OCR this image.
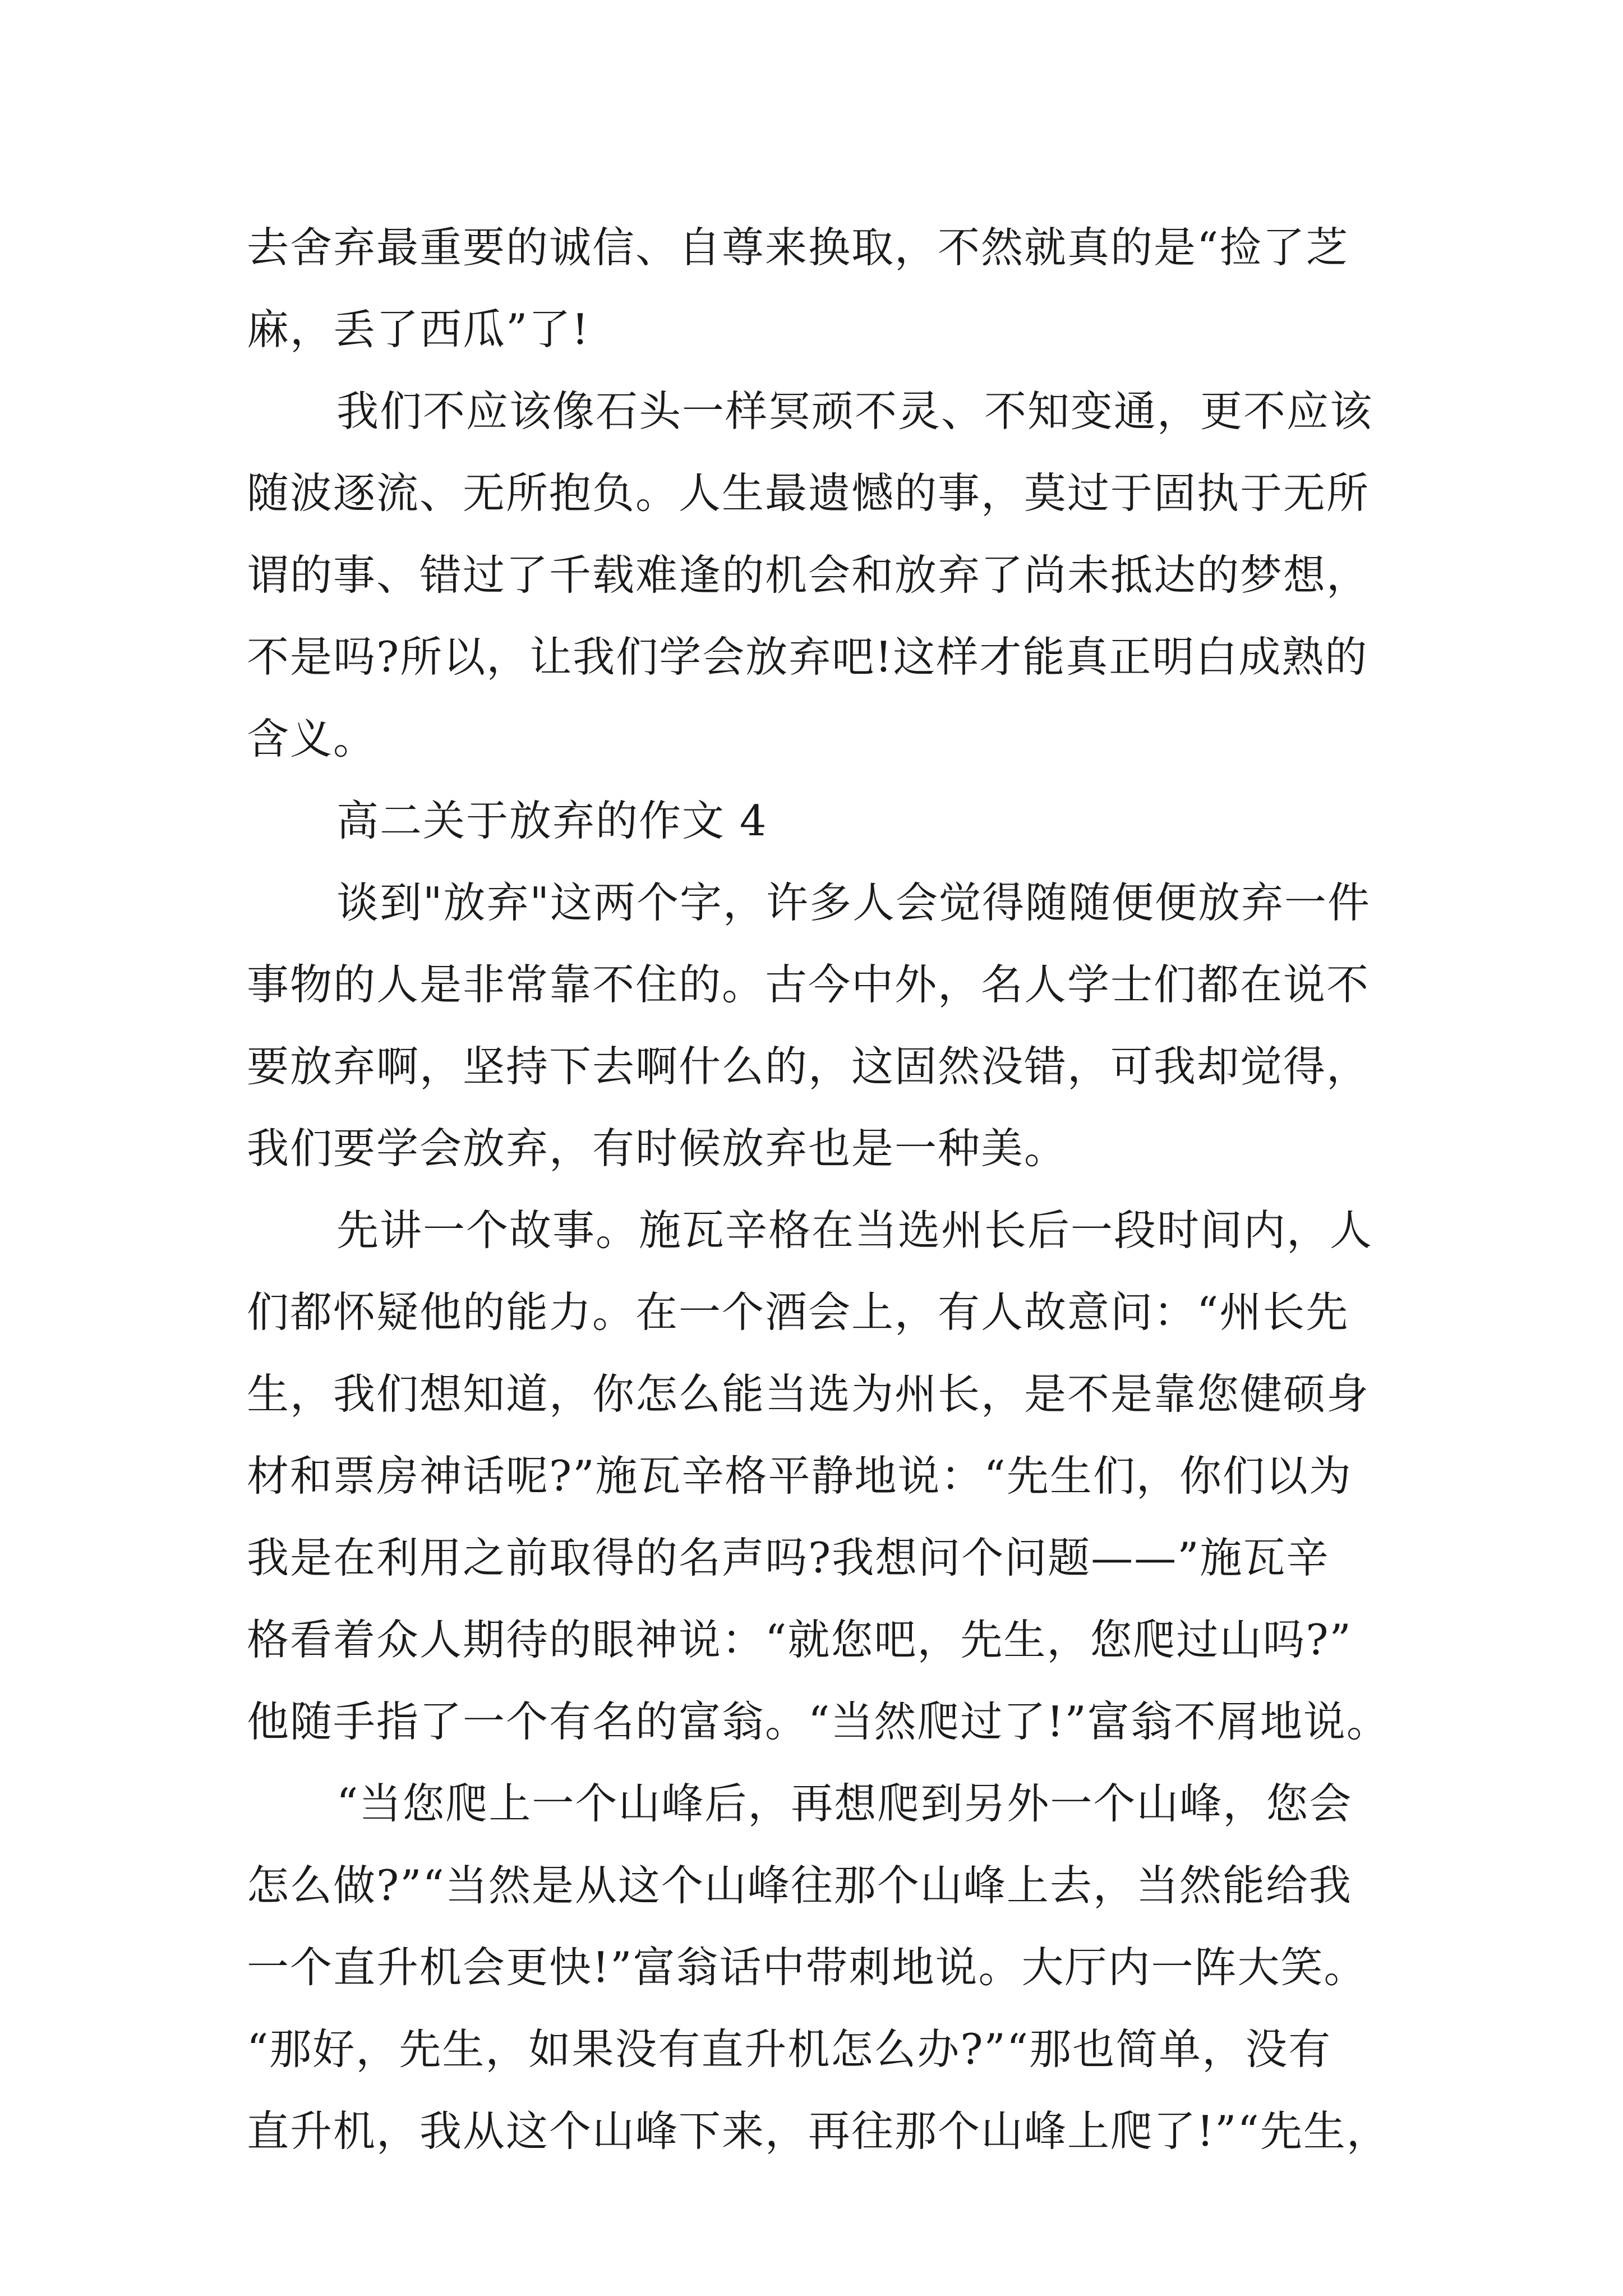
去舍弃最重要的诚信、自尊来换取，不然就真的是“捡了芝
麻，丢了西瓜”了!
我们不应该像石头一样冥顽不灵、不知变通，更不应该
随波逐流、无所抱负。人生最遗憾的事，莫过于固执于无所
谓的事、错过了千载难逢的机会和放弃了尚未抵达的梦想，
不是吗?所以，让我们学会放弃吧!这样才能真正明白成熟的
含义。
高二关于放弃的作文 4
谈到"放弃"这两个字，许多人会觉得随随便便放弃一件
事物的人是非常靠不住的。古今中外，名人学士们都在说不
要放弃啊，坚持下去啊什么的，这固然没错，可我却觉得，
我们要学会放弃，有时候放弃也是一种美。
先讲一个故事。施瓦辛格在当选州长后一段时间内，人
们都怀疑他的能力。在一个酒会上，有人故意问：“州长先
生，我们想知道，你怎么能当选为州长，是不是靠您健硕身
材和票房神话呢?”施瓦辛格平静地说：“先生们，你们以为
我是在利用之前取得的名声吗?我想问个问题——”施瓦辛
格看着众人期待的眼神说：“就您吧，先生，您爬过山吗?”
他随手指了一个有名的富翁。“当然爬过了!”富翁不屑地说。
“当您爬上一个山峰后，再想爬到另外一个山峰，您会
怎么做?”“当然是从这个山峰往那个山峰上去，当然能给我
一个直升机会更快!”富翁话中带刺地说。大厅内一阵大笑。
“那好，先生，如果没有直升机怎么办?”“那也简单，没有
直升机，我从这个山峰下来，再往那个山峰上爬了!”“先生，
